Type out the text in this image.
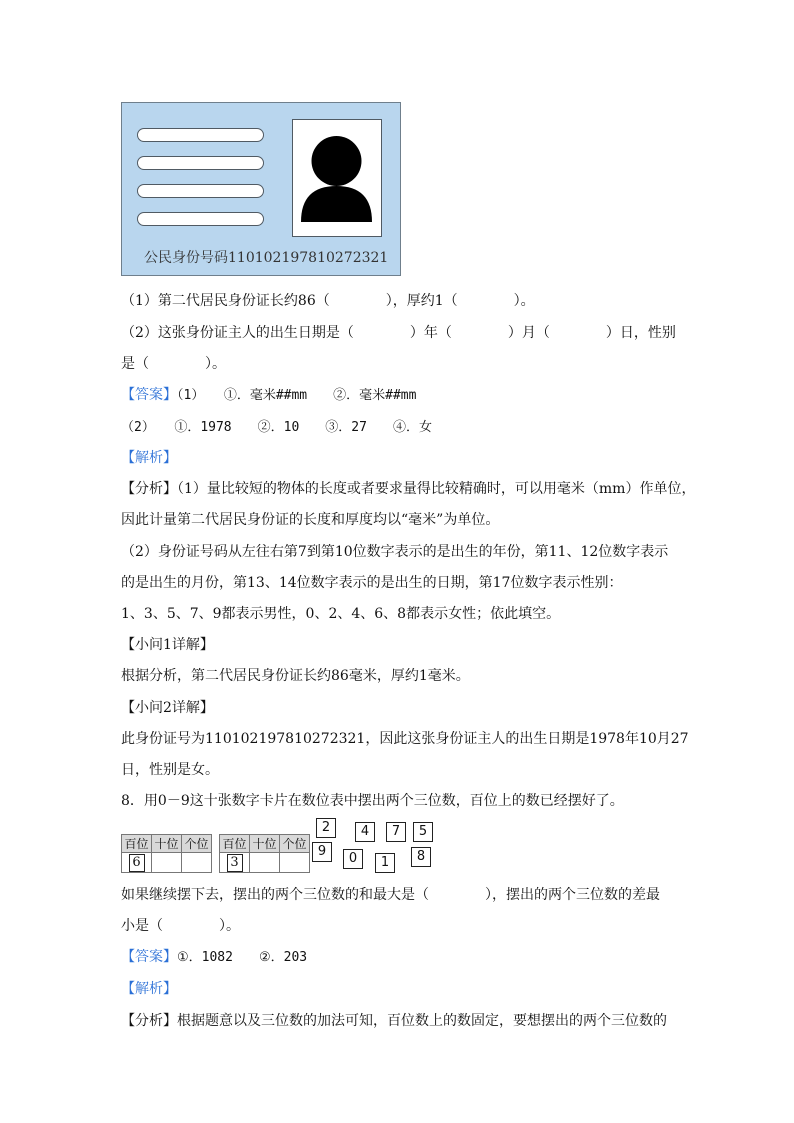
公民身份号码110102197810272321
（1）第二代居民身份证长约86（　　　　），厚约1（　　　　）。
（2）这张身份证主人的出生日期是（　　　　）年（　　　　）月（　　　　）日，性别
是（　　　　）。
【答案】（1）　　①．毫米##mm　　②．毫米##mm
（2）　　①．1978　　②．10　　③．27　　④．女
【解析】
【分析】（1）量比较短的物体的长度或者要求量得比较精确时，可以用毫米（mm）作单位，
因此计量第二代居民身份证的长度和厚度均以“毫米”为单位。
（2）身份证号码从左往右第7到第10位数字表示的是出生的年份，第11、12位数字表示
的是出生的月份，第13、14位数字表示的是出生的日期，第17位数字表示性别：
1、3、5、7、9都表示男性，0、2、4、6、8都表示女性；依此填空。
【小问1详解】
根据分析，第二代居民身份证长约86毫米，厚约1毫米。
【小问2详解】
此身份证号为110102197810272321，因此这张身份证主人的出生日期是1978年10月27
日，性别是女。
8．用0－9这十张数字卡片在数位表中摆出两个三位数，百位上的数已经摆好了。
百位	十位	个位
6		
百位	十位	个位
3		
2	4	7	5
9	0	1	8
如果继续摆下去，摆出的两个三位数的和最大是（　　　　），摆出的两个三位数的差最
小是（　　　　）。
【答案】①．1082　　②．203
【解析】
【分析】根据题意以及三位数的加法可知，百位数上的数固定，要想摆出的两个三位数的
